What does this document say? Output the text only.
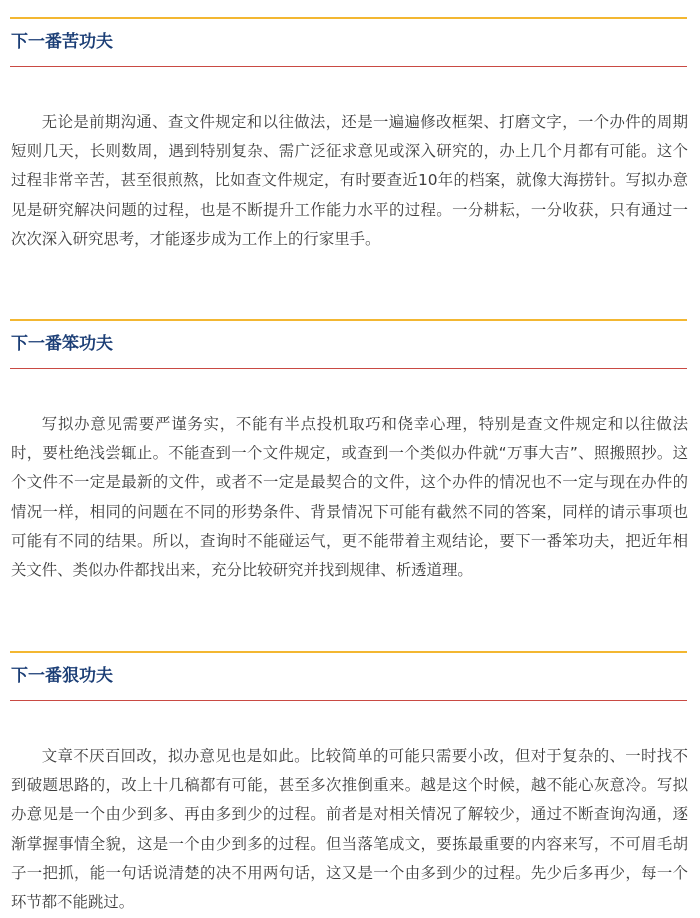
下一番苦功夫

无论是前期沟通、查文件规定和以往做法，还是一遍遍修改框架、打磨文字，一个办件的周期短则几天，长则数周，遇到特别复杂、需广泛征求意见或深入研究的，办上几个月都有可能。这个过程非常辛苦，甚至很煎熬，比如查文件规定，有时要查近10年的档案，就像大海捞针。写拟办意见是研究解决问题的过程，也是不断提升工作能力水平的过程。一分耕耘，一分收获，只有通过一次次深入研究思考，才能逐步成为工作上的行家里手。

下一番笨功夫

写拟办意见需要严谨务实，不能有半点投机取巧和侥幸心理，特别是查文件规定和以往做法时，要杜绝浅尝辄止。不能查到一个文件规定，或查到一个类似办件就“万事大吉”、照搬照抄。这个文件不一定是最新的文件，或者不一定是最契合的文件，这个办件的情况也不一定与现在办件的情况一样，相同的问题在不同的形势条件、背景情况下可能有截然不同的答案，同样的请示事项也可能有不同的结果。所以，查询时不能碰运气，更不能带着主观结论，要下一番笨功夫，把近年相关文件、类似办件都找出来，充分比较研究并找到规律、析透道理。

下一番狠功夫

文章不厌百回改，拟办意见也是如此。比较简单的可能只需要小改，但对于复杂的、一时找不到破题思路的，改上十几稿都有可能，甚至多次推倒重来。越是这个时候，越不能心灰意冷。写拟办意见是一个由少到多、再由多到少的过程。前者是对相关情况了解较少，通过不断查询沟通，逐渐掌握事情全貌，这是一个由少到多的过程。但当落笔成文，要拣最重要的内容来写，不可眉毛胡子一把抓，能一句话说清楚的决不用两句话，这又是一个由多到少的过程。先少后多再少，每一个环节都不能跳过。
